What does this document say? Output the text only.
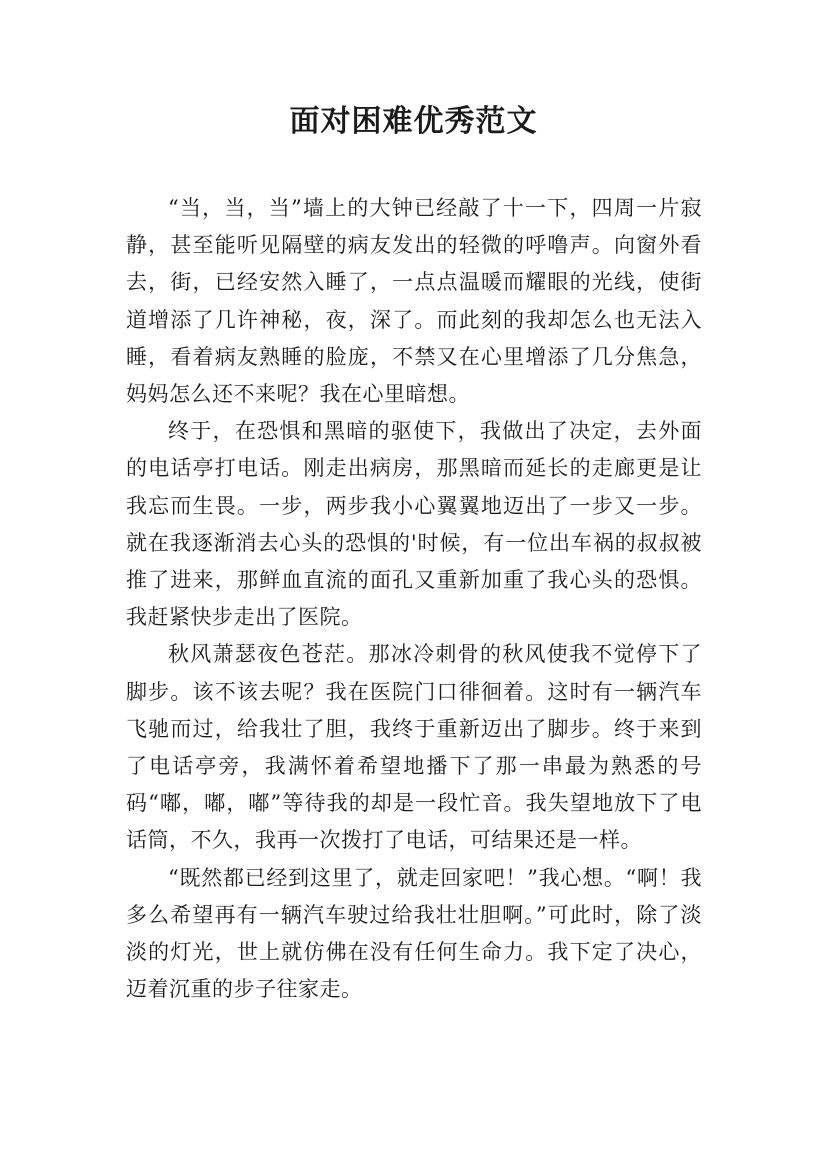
面对困难优秀范文

“当，当，当”墙上的大钟已经敲了十一下，四周一片寂静，甚至能听见隔壁的病友发出的轻微的呼噜声。向窗外看去，街，已经安然入睡了，一点点温暖而耀眼的光线，使街道增添了几许神秘，夜，深了。而此刻的我却怎么也无法入睡，看着病友熟睡的脸庞，不禁又在心里增添了几分焦急，妈妈怎么还不来呢？我在心里暗想。

终于，在恐惧和黑暗的驱使下，我做出了决定，去外面的电话亭打电话。刚走出病房，那黑暗而延长的走廊更是让我忘而生畏。一步，两步我小心翼翼地迈出了一步又一步。就在我逐渐消去心头的恐惧的'时候，有一位出车祸的叔叔被推了进来，那鲜血直流的面孔又重新加重了我心头的恐惧。我赶紧快步走出了医院。

秋风萧瑟夜色苍茫。那冰冷刺骨的秋风使我不觉停下了脚步。该不该去呢？我在医院门口徘徊着。这时有一辆汽车飞驰而过，给我壮了胆，我终于重新迈出了脚步。终于来到了电话亭旁，我满怀着希望地播下了那一串最为熟悉的号码“嘟，嘟，嘟”等待我的却是一段忙音。我失望地放下了电话筒，不久，我再一次拨打了电话，可结果还是一样。

“既然都已经到这里了，就走回家吧！”我心想。“啊！我多么希望再有一辆汽车驶过给我壮壮胆啊。”可此时，除了淡淡的灯光，世上就仿佛在没有任何生命力。我下定了决心，迈着沉重的步子往家走。
